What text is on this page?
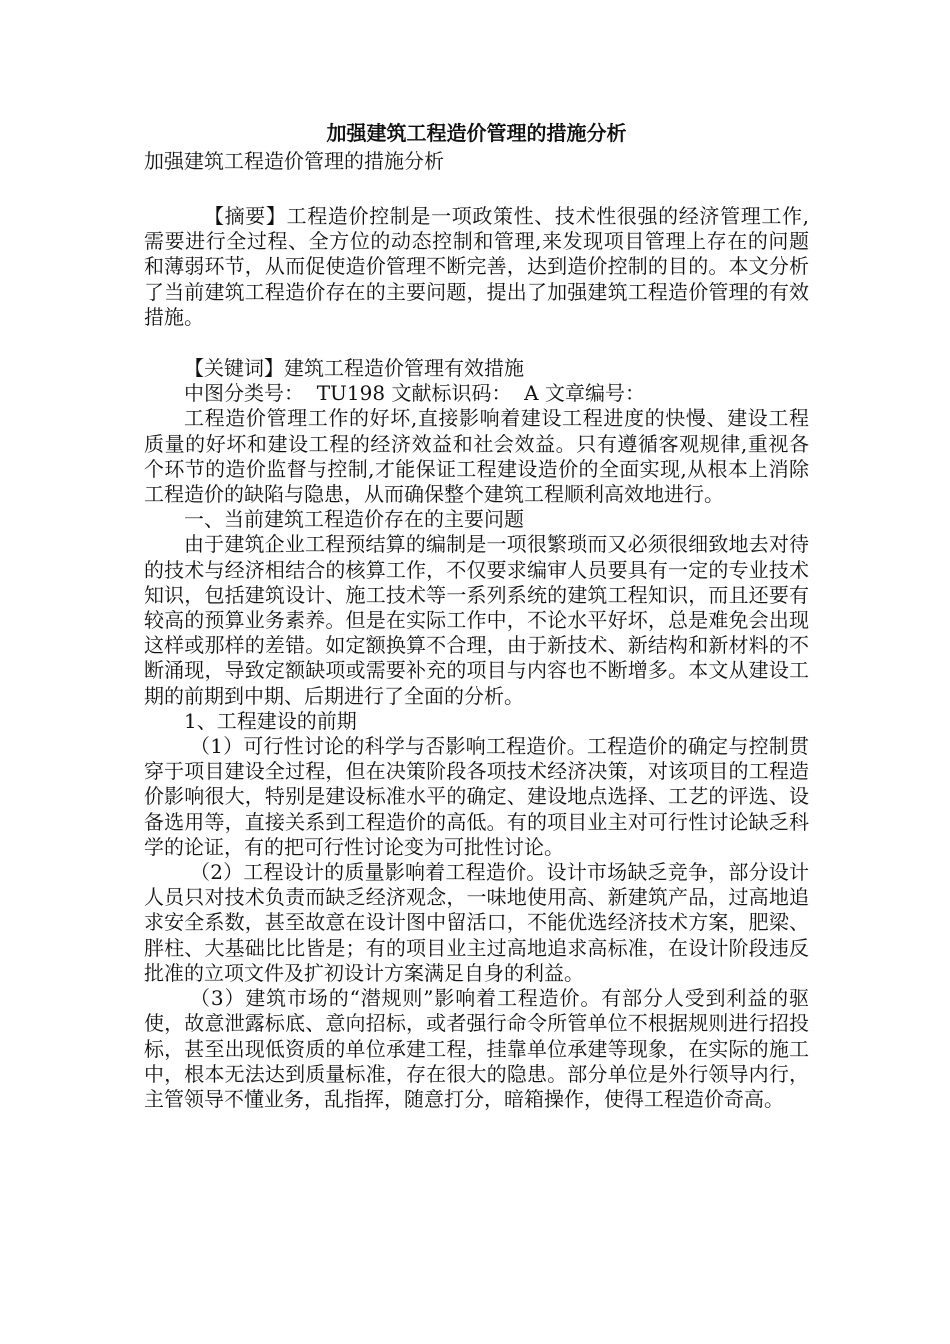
加强建筑工程造价管理的措施分析
加强建筑工程造价管理的措施分析

【摘要】工程造价控制是一项政策性、技术性很强的经济管理工作,需要进行全过程、全方位的动态控制和管理,来发现项目管理上存在的问题和薄弱环节，从而促使造价管理不断完善，达到造价控制的目的。本文分析了当前建筑工程造价存在的主要问题，提出了加强建筑工程造价管理的有效措施。

【关键词】建筑工程造价管理有效措施

中图分类号：  TU198 文献标识码：  A 文章编号：

工程造价管理工作的好坏,直接影响着建设工程进度的快慢、建设工程质量的好坏和建设工程的经济效益和社会效益。只有遵循客观规律,重视各个环节的造价监督与控制,才能保证工程建设造价的全面实现,从根本上消除工程造价的缺陷与隐患，从而确保整个建筑工程顺利高效地进行。

一、当前建筑工程造价存在的主要问题

由于建筑企业工程预结算的编制是一项很繁琐而又必须很细致地去对待的技术与经济相结合的核算工作，不仅要求编审人员要具有一定的专业技术知识，包括建筑设计、施工技术等一系列系统的建筑工程知识，而且还要有较高的预算业务素养。但是在实际工作中，不论水平好坏，总是难免会出现这样或那样的差错。如定额换算不合理，由于新技术、新结构和新材料的不断涌现，导致定额缺项或需要补充的项目与内容也不断增多。本文从建设工期的前期到中期、后期进行了全面的分析。

1、工程建设的前期

（1）可行性讨论的科学与否影响工程造价。工程造价的确定与控制贯穿于项目建设全过程，但在决策阶段各项技术经济决策，对该项目的工程造价影响很大，特别是建设标准水平的确定、建设地点选择、工艺的评选、设备选用等，直接关系到工程造价的高低。有的项目业主对可行性讨论缺乏科学的论证，有的把可行性讨论变为可批性讨论。

（2）工程设计的质量影响着工程造价。设计市场缺乏竞争，部分设计人员只对技术负责而缺乏经济观念，一味地使用高、新建筑产品，过高地追求安全系数，甚至故意在设计图中留活口，不能优选经济技术方案，肥梁、胖柱、大基础比比皆是；有的项目业主过高地追求高标准，在设计阶段违反批准的立项文件及扩初设计方案满足自身的利益。

（3）建筑市场的“潜规则”影响着工程造价。有部分人受到利益的驱使，故意泄露标底、意向招标，或者强行命令所管单位不根据规则进行招投标，甚至出现低资质的单位承建工程，挂靠单位承建等现象，在实际的施工中，根本无法达到质量标准，存在很大的隐患。部分单位是外行领导内行，主管领导不懂业务，乱指挥，随意打分，暗箱操作，使得工程造价奇高。
